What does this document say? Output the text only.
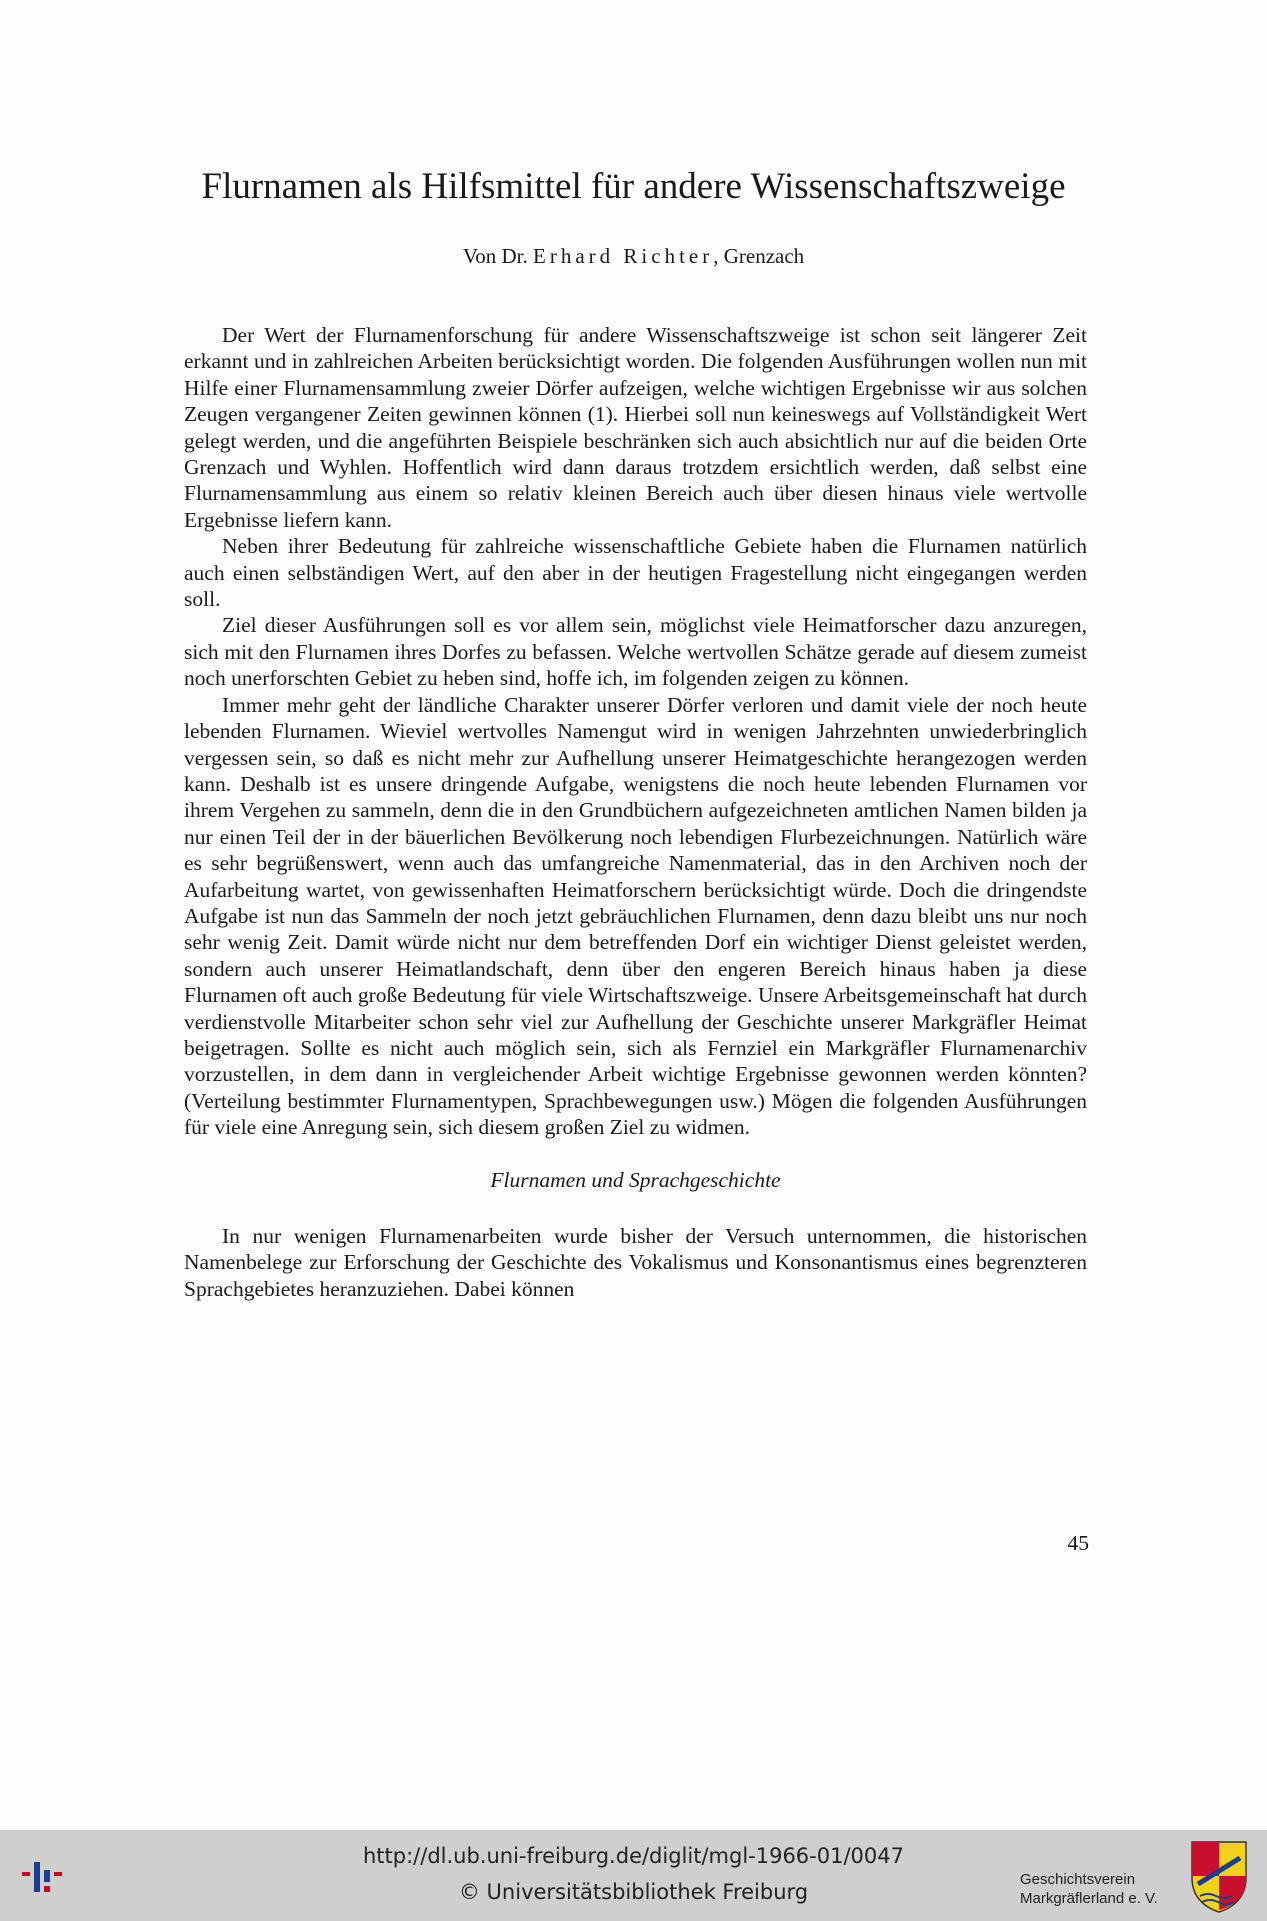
Flurnamen als Hilfsmittel für andere Wissenschaftszweige

Von Dr. Erhard Richter, Grenzach

Der Wert der Flurnamenforschung für andere Wissenschaftszweige ist schon seit längerer Zeit erkannt und in zahlreichen Arbeiten berücksichtigt worden. Die folgenden Ausführungen wollen nun mit Hilfe einer Flurnamensammlung zweier Dörfer aufzeigen, welche wichtigen Ergebnisse wir aus solchen Zeugen vergangener Zeiten gewinnen können (1). Hierbei soll nun keineswegs auf Vollständigkeit Wert gelegt werden, und die angeführten Beispiele beschränken sich auch absichtlich nur auf die beiden Orte Grenzach und Wyhlen. Hoffentlich wird dann daraus trotzdem ersichtlich werden, daß selbst eine Flurnamensammlung aus einem so relativ kleinen Bereich auch über diesen hinaus viele wertvolle Ergebnisse liefern kann.

Neben ihrer Bedeutung für zahlreiche wissenschaftliche Gebiete haben die Flurnamen natürlich auch einen selbständigen Wert, auf den aber in der heutigen Fragestellung nicht eingegangen werden soll.

Ziel dieser Ausführungen soll es vor allem sein, möglichst viele Heimatforscher dazu anzuregen, sich mit den Flurnamen ihres Dorfes zu befassen. Welche wertvollen Schätze gerade auf diesem zumeist noch unerforschten Gebiet zu heben sind, hoffe ich, im folgenden zeigen zu können.

Immer mehr geht der ländliche Charakter unserer Dörfer verloren und damit viele der noch heute lebenden Flurnamen. Wieviel wertvolles Namengut wird in wenigen Jahrzehnten unwiederbringlich vergessen sein, so daß es nicht mehr zur Aufhellung unserer Heimatgeschichte herangezogen werden kann. Deshalb ist es unsere dringende Aufgabe, wenigstens die noch heute lebenden Flurnamen vor ihrem Vergehen zu sammeln, denn die in den Grundbüchern aufgezeichneten amtlichen Namen bilden ja nur einen Teil der in der bäuerlichen Bevölkerung noch lebendigen Flurbezeichnungen. Natürlich wäre es sehr begrüßenswert, wenn auch das umfangreiche Namenmaterial, das in den Archiven noch der Aufarbeitung wartet, von gewissenhaften Heimatforschern berücksichtigt würde. Doch die dringendste Aufgabe ist nun das Sammeln der noch jetzt gebräuchlichen Flurnamen, denn dazu bleibt uns nur noch sehr wenig Zeit. Damit würde nicht nur dem betreffenden Dorf ein wichtiger Dienst geleistet werden, sondern auch unserer Heimatlandschaft, denn über den engeren Bereich hinaus haben ja diese Flurnamen oft auch große Bedeutung für viele Wirtschaftszweige. Unsere Arbeitsgemeinschaft hat durch verdienstvolle Mitarbeiter schon sehr viel zur Aufhellung der Geschichte unserer Markgräfler Heimat beigetragen. Sollte es nicht auch möglich sein, sich als Fernziel ein Markgräfler Flurnamenarchiv vorzustellen, in dem dann in vergleichender Arbeit wichtige Ergebnisse gewonnen werden könnten? (Verteilung bestimmter Flurnamentypen, Sprachbewegungen usw.) Mögen die folgenden Ausführungen für viele eine Anregung sein, sich diesem großen Ziel zu widmen.

Flurnamen und Sprachgeschichte

In nur wenigen Flurnamenarbeiten wurde bisher der Versuch unternommen, die historischen Namenbelege zur Erforschung der Geschichte des Vokalismus und Konsonantismus eines begrenzteren Sprachgebietes heranzuziehen. Dabei können

45
http://dl.ub.uni-freiburg.de/diglit/mgl-1966-01/0047
© Universitätsbibliothek Freiburg
Geschichtsverein
Markgräflerland e. V.
